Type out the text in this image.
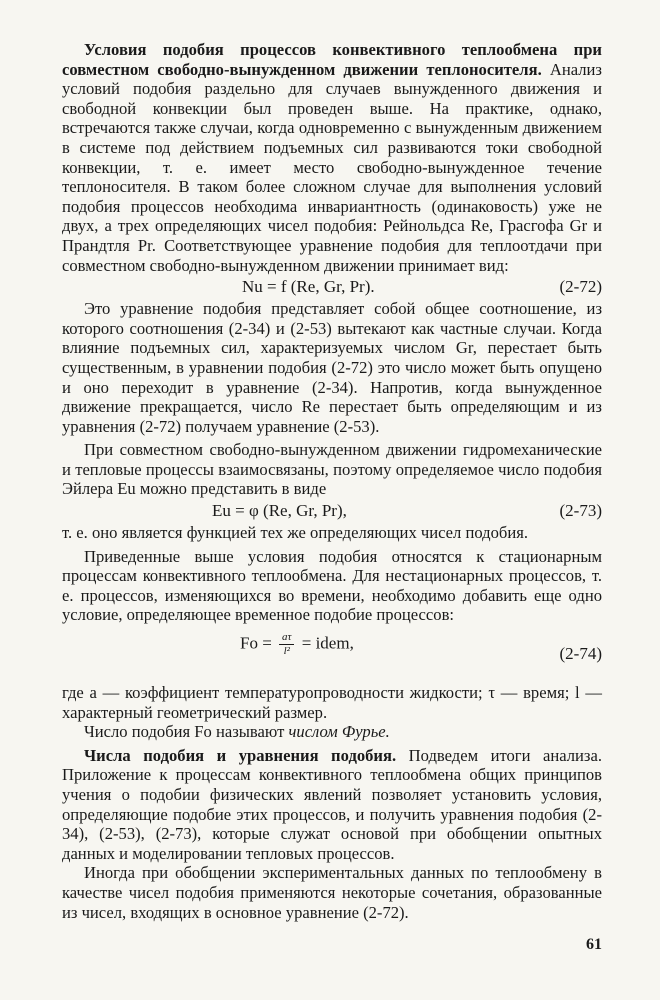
Условия подобия процессов конвективного теплообмена при совместном свободно-вынужденном движении теплоносителя. Анализ условий подобия раздельно для случаев вынужденного движения и свободной конвекции был проведен выше. На практике, однако, встречаются также случаи, когда одновременно с вынужденным движением в системе под действием подъемных сил развиваются токи свободной конвекции, т. е. имеет место свободно-вынужденное течение теплоносителя. В таком более сложном случае для выполнения условий подобия процессов необходима инвариантность (одинаковость) уже не двух, а трех определяющих чисел подобия: Рейнольдса Re, Грасгофа Gr и Прандтля Pr. Соответствующее уравнение подобия для теплоотдачи при совместном свободно-вынужденном движении принимает вид:

Nu = f (Re, Gr, Pr).	(2-72)

Это уравнение подобия представляет собой общее соотношение, из которого соотношения (2-34) и (2-53) вытекают как частные случаи. Когда влияние подъемных сил, характеризуемых числом Gr, перестает быть существенным, в уравнении подобия (2-72) это число может быть опущено и оно переходит в уравнение (2-34). Напротив, когда вынужденное движение прекращается, число Re перестает быть определяющим и из уравнения (2-72) получаем уравнение (2-53).

При совместном свободно-вынужденном движении гидромеханические и тепловые процессы взаимосвязаны, поэтому определяемое число подобия Эйлера Eu можно представить в виде

Eu = φ (Re, Gr, Pr),	(2-73)

т. е. оно является функцией тех же определяющих чисел подобия.

Приведенные выше условия подобия относятся к стационарным процессам конвективного теплообмена. Для нестационарных процессов, т. е. процессов, изменяющихся во времени, необходимо добавить еще одно условие, определяющее временное подобие процессов:

$Fo = \frac{a\tau}{\text{l²}}$ = idem,
(2-74)

где a — коэффициент температуропроводности жидкости; τ — время; l — характерный геометрический размер.

Число подобия Fo называют числом Фурье.

Числа подобия и уравнения подобия. Подведем итоги анализа. Приложение к процессам конвективного теплообмена общих принципов учения о подобии физических явлений позволяет установить условия, определяющие подобие этих процессов, и получить уравнения подобия (2-34), (2-53), (2-73), которые служат основой при обобщении опытных данных и моделировании тепловых процессов.

Иногда при обобщении экспериментальных данных по теплообмену в качестве чисел подобия применяются некоторые сочетания, образованные из чисел, входящих в основное уравнение (2-72).

61
